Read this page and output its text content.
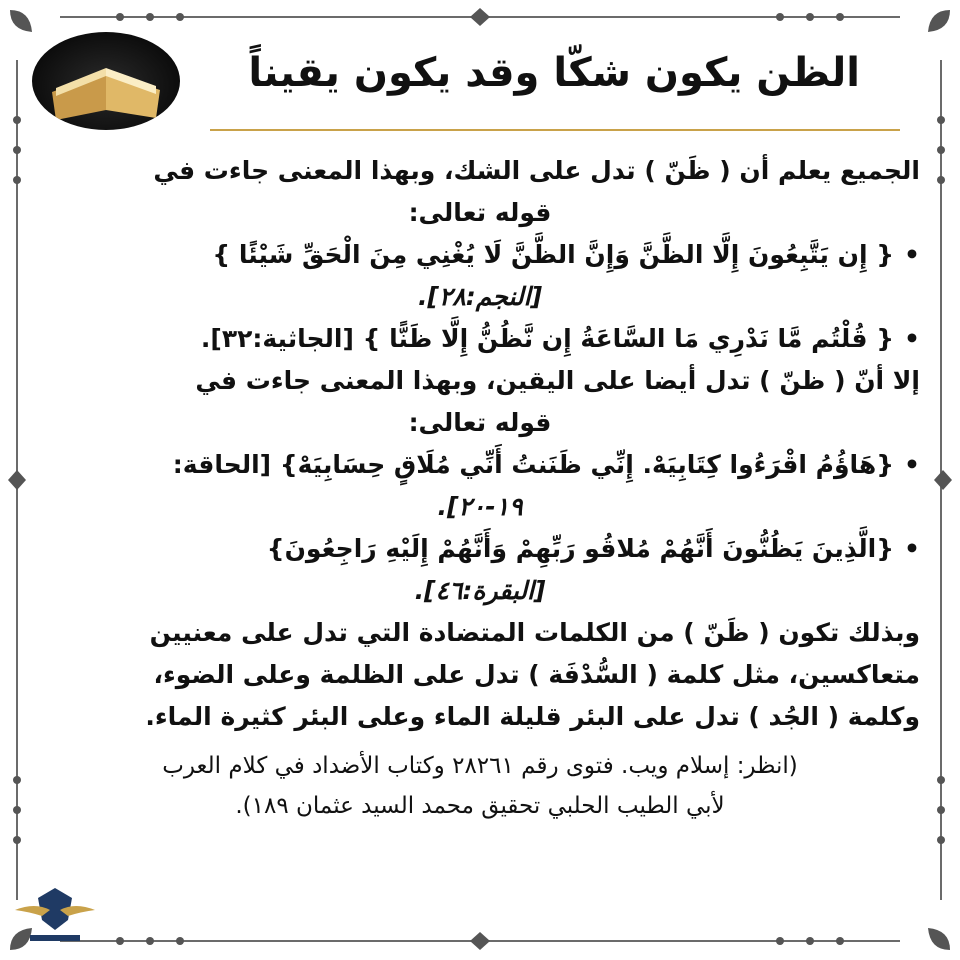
الظن يكون شكّا وقد يكون يقيناً
الجميع يعلم أن ( ظَنّ ) تدل على الشك، وبهذا المعنى جاءت في
قوله تعالى:
•{ إِن يَتَّبِعُونَ إِلَّا الظَّنَّ وَإِنَّ الظَّنَّ لَا يُغْنِي مِنَ الْحَقِّ شَيْئًا }
[النجم:٢٨].
•{ قُلْتُم مَّا نَدْرِي مَا السَّاعَةُ إِن نَّظُنُّ إِلَّا ظَنًّا } [الجاثية:٣٢].
إلا أنّ ( ظنّ ) تدل أيضا على اليقين، وبهذا المعنى جاءت في
قوله تعالى:
•{هَاؤُمُ اقْرَءُوا كِتَابِيَهْ. إِنِّي ظَنَنتُ أَنِّي مُلَاقٍ حِسَابِيَهْ} [الحاقة:
١٩-٢٠].
•{الَّذِينَ يَظُنُّونَ أَنَّهُمْ مُلاقُو رَبِّهِمْ وَأَنَّهُمْ إِلَيْهِ رَاجِعُونَ}
[البقرة:٤٦].
وبذلك تكون ( ظَنّ ) من الكلمات المتضادة التي تدل على معنيين
متعاكسين، مثل كلمة ( السُّدْفَة ) تدل على الظلمة وعلى الضوء،
وكلمة ( الجُد ) تدل على البئر قليلة الماء وعلى البئر كثيرة الماء.
(انظر: إسلام ويب. فتوى رقم ٢٨٢٦١ وكتاب الأضداد في كلام العرب
لأبي الطيب الحلبي تحقيق محمد السيد عثمان ١٨٩).
